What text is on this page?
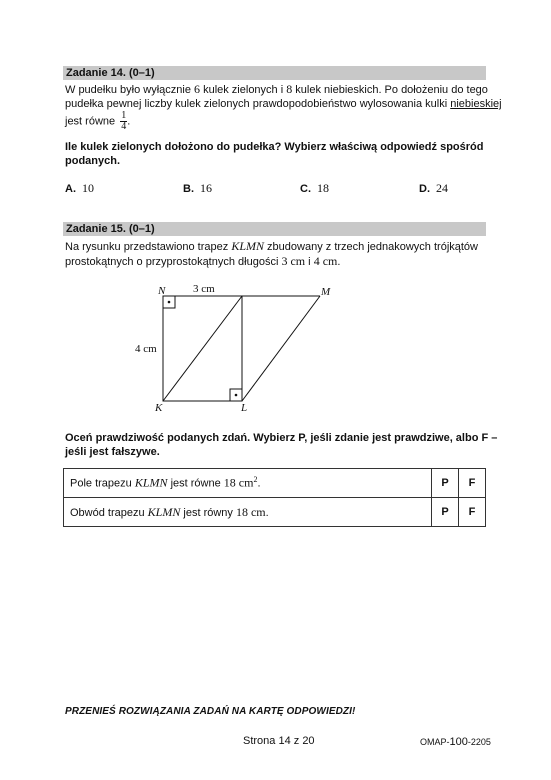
Zadanie 14. (0–1)
W pudełku było wyłącznie 6 kulek zielonych i 8 kulek niebieskich. Po dołożeniu do tego
pudełka pewnej liczby kulek zielonych prawdopodobieństwo wylosowania kulki niebieskiej
jest równe $\frac{1}{4}$ .
Ile kulek zielonych dołożono do pudełka? Wybierz właściwą odpowiedź spośród
podanych.
A. 10	B. 16	C. 18	D. 24
Zadanie 15. (0–1)
Na rysunku przedstawiono trapez KLMN zbudowany z trzech jednakowych trójkątów
prostokątnych o przyprostokątnych długości 3 cm i 4 cm.
N	M
K	L
3 cm
4 cm
Oceń prawdziwość podanych zdań. Wybierz P, jeśli zdanie jest prawdziwe, albo F –
jeśli jest fałszywe.
Pole trapezu KLMN jest równe 18 $cm^2$.	P	F
Obwód trapezu KLMN jest równy 18 cm.	P	F
PRZENIEŚ ROZWIĄZANIA ZADAŃ NA KARTĘ ODPOWIEDZI!
Strona 14 z 20	OMAP-100-2205
